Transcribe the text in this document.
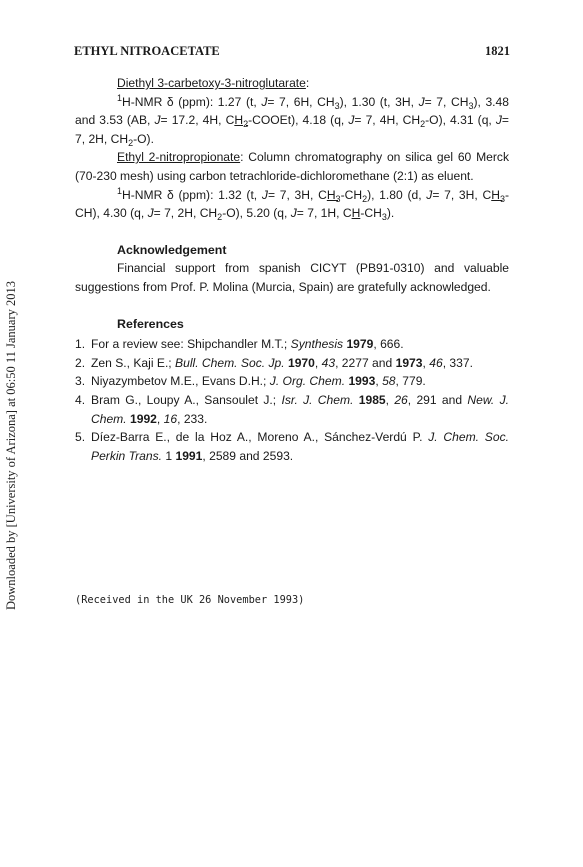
Downloaded by [University of Arizona] at 06:50 11 January 2013
ETHYL NITROACETATE	1821

Diethyl 3-carbetoxy-3-nitroglutarate:

$^1$H-NMR δ (ppm): 1.27 (t, J= 7, 6H, $CH_3$), 1.30 (t, 3H, J= 7, $CH_3$), 3.48 and 3.53 (AB, J= 17.2, 4H, $CH_2-COOEt$), 4.18 (q, J= 7, 4H, $CH_2-O$), 4.31 (q, J= 7, 2H, $CH_2-O$).

Ethyl 2-nitropropionate: Column chromatography on silica gel 60 Merck (70-230 mesh) using carbon tetrachloride-dichloromethane (2:1) as eluent.

$^1$H-NMR δ (ppm): 1.32 (t, J= 7, 3H, $CH_3-CH_2$), 1.80 (d, J= 7, 3H, $CH_3-CH$), 4.30 (q, J= 7, 2H, $CH_2-O$), 5.20 (q, J= 7, 1H, $CH-CH_3$).

Acknowledgement

Financial support from spanish CICYT (PB91-0310) and valuable suggestions from Prof. P. Molina (Murcia, Spain) are gratefully acknowledged.

References

1. For a review see: Shipchandler M.T.; Synthesis 1979, 666.
2. Zen S., Kaji E.; Bull. Chem. Soc. Jp. 1970, 43, 2277 and 1973, 46, 337.
3. Niyazymbetov M.E., Evans D.H.; J. Org. Chem. 1993, 58, 779.
4. Bram G., Loupy A., Sansoulet J.; Isr. J. Chem. 1985, 26, 291 and New. J. Chem. 1992, 16, 233.
5. Díez-Barra E., de la Hoz A., Moreno A., Sánchez-Verdú P. J. Chem. Soc. Perkin Trans. 1 1991, 2589 and 2593.
(Received in the UK 26 November 1993)
